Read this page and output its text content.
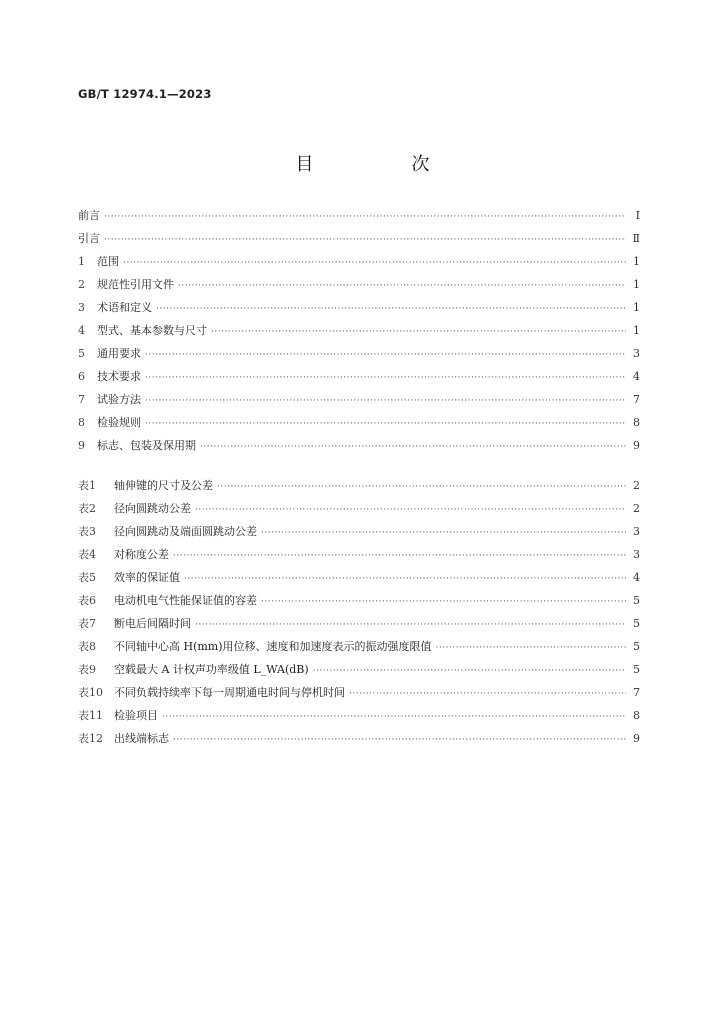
GB/T 12974.1—2023
目　次
前言 ·····	Ⅰ
引言 ·····	Ⅱ
1	范围 ·····	1
2	规范性引用文件 ·····	1
3	术语和定义 ·····	1
4	型式、基本参数与尺寸 ·····	1
5	通用要求 ·····	3
6	技术要求 ·····	4
7	试验方法 ·····	7
8	检验规则 ·····	8
9	标志、包装及保用期 ·····	9
表1	轴伸键的尺寸及公差 ·····	2
表2	径向圆跳动公差 ·····	2
表3	径向圆跳动及端面圆跳动公差 ·····	3
表4	对称度公差 ·····	3
表5	效率的保证值 ·····	4
表6	电动机电气性能保证值的容差 ·····	5
表7	断电后间隔时间 ·····	5
表8	不同轴中心高 H(mm)用位移、速度和加速度表示的振动强度限值 ·····	5
表9	空载最大 A 计权声功率级值 L_WA(dB) ·····	5
表10	不同负载持续率下每一周期通电时间与停机时间 ·····	7
表11	检验项目 ·····	8
表12	出线端标志 ·····	9
